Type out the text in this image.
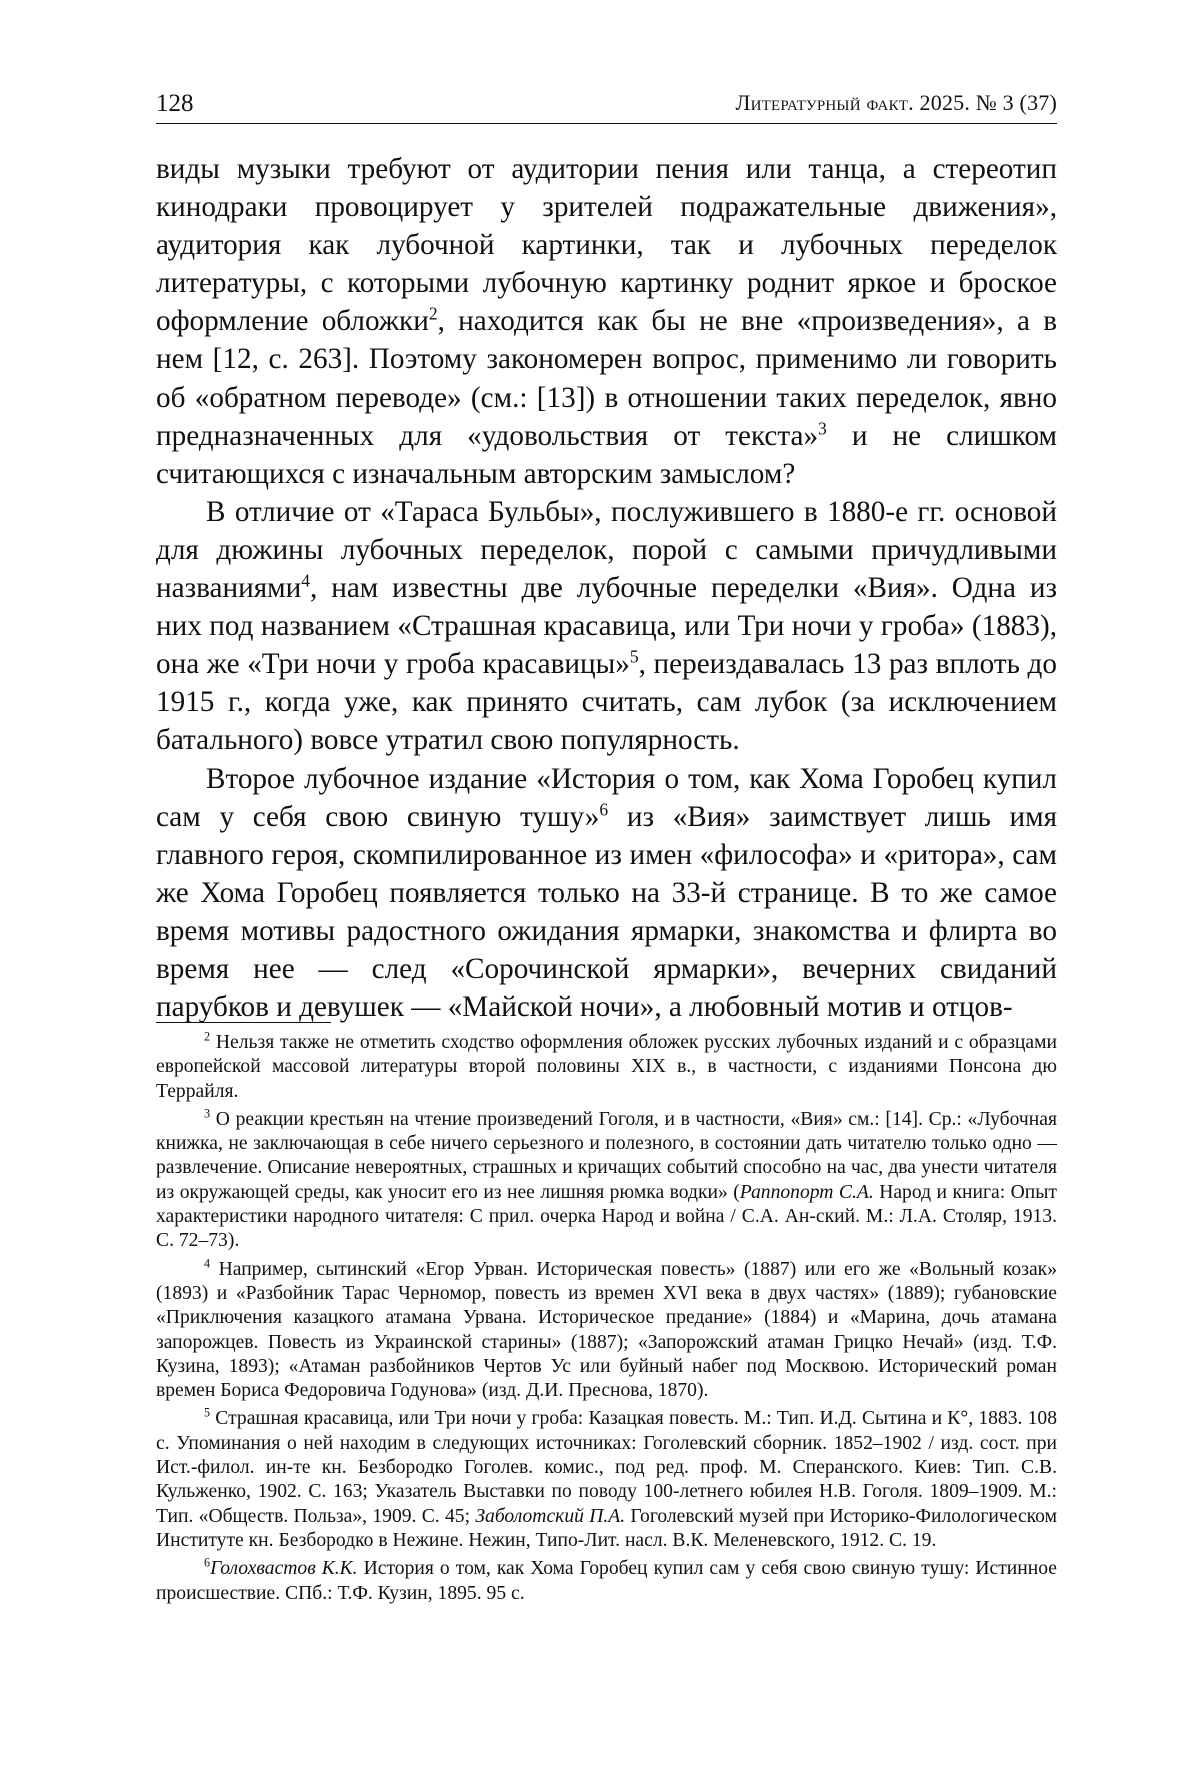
128	Литературный факт. 2025. № 3 (37)

виды музыки требуют от аудитории пения или танца, а стереотип кинодраки провоцирует у зрителей подражательные движения», аудитория как лубочной картинки, так и лубочных переделок литературы, с которыми лубочную картинку роднит яркое и броское оформление обложки$^2$, находится как бы не вне «произведения», а в нем [12, с. 263]. Поэтому закономерен вопрос, применимо ли говорить об «обратном переводе» (см.: [13]) в отношении таких переделок, явно предназначенных для «удовольствия от текста»$^3$ и не слишком считающихся с изначальным авторским замыслом?

В отличие от «Тараса Бульбы», послужившего в 1880-е гг. основой для дюжины лубочных переделок, порой с самыми причудливыми названиями$^4$, нам известны две лубочные переделки «Вия». Одна из них под названием «Страшная красавица, или Три ночи у гроба» (1883), она же «Три ночи у гроба красавицы»$^5$, переиздавалась 13 раз вплоть до 1915 г., когда уже, как принято считать, сам лубок (за исключением батального) вовсе утратил свою популярность.

Второе лубочное издание «История о том, как Хома Горобец купил сам у себя свою свиную тушу»$^6$ из «Вия» заимствует лишь имя главного героя, скомпилированное из имен «философа» и «ритора», сам же Хома Горобец появляется только на 33-й странице. В то же самое время мотивы радостного ожидания ярмарки, знакомства и флирта во время нее — след «Сорочинской ярмарки», вечерних свиданий парубков и девушек — «Майской ночи», а любовный мотив и отцов-

$^2$ Нельзя также не отметить сходство оформления обложек русских лубочных изданий и с образцами европейской массовой литературы второй половины XIX в., в частности, с изданиями Понсона дю Террайля.

$^3$ О реакции крестьян на чтение произведений Гоголя, и в частности, «Вия» см.: [14]. Ср.: «Лубочная книжка, не заключающая в себе ничего серьезного и полезного, в состоянии дать читателю только одно — развлечение. Описание невероятных, страшных и кричащих событий способно на час, два унести читателя из окружающей среды, как уносит его из нее лишняя рюмка водки» (Раппопорт С.А. Народ и книга: Опыт характеристики народного читателя: С прил. очерка Народ и война / С.А. Ан-ский. М.: Л.А. Столяр, 1913. С. 72–73).

$^4$ Например, сытинский «Егор Урван. Историческая повесть» (1887) или его же «Вольный козак» (1893) и «Разбойник Тарас Черномор, повесть из времен XVI века в двух частях» (1889); губановские «Приключения казацкого атамана Урвана. Историческое предание» (1884) и «Марина, дочь атамана запорожцев. Повесть из Украинской старины» (1887); «Запорожский атаман Грицко Нечай» (изд. Т.Ф. Кузина, 1893); «Атаман разбойников Чертов Ус или буйный набег под Москвою. Исторический роман времен Бориса Федоровича Годунова» (изд. Д.И. Преснова, 1870).

$^5$ Страшная красавица, или Три ночи у гроба: Казацкая повесть. М.: Тип. И.Д. Сытина и К°, 1883. 108 с. Упоминания о ней находим в следующих источниках: Гоголевский сборник. 1852–1902 / изд. сост. при Ист.-филол. ин-те кн. Безбородко Гоголев. комис., под ред. проф. М. Сперанского. Киев: Тип. С.В. Кульженко, 1902. С. 163; Указатель Выставки по поводу 100-летнего юбилея Н.В. Гоголя. 1809–1909. М.: Тип. «Обществ. Польза», 1909. С. 45; Заболотский П.А. Гоголевский музей при Историко-Филологическом Институте кн. Безбородко в Нежине. Нежин, Типо-Лит. насл. В.К. Меленевского, 1912. С. 19.

$^6$Голохвастов К.К. История о том, как Хома Горобец купил сам у себя свою свиную тушу: Истинное происшествие. СПб.: Т.Ф. Кузин, 1895. 95 с.
